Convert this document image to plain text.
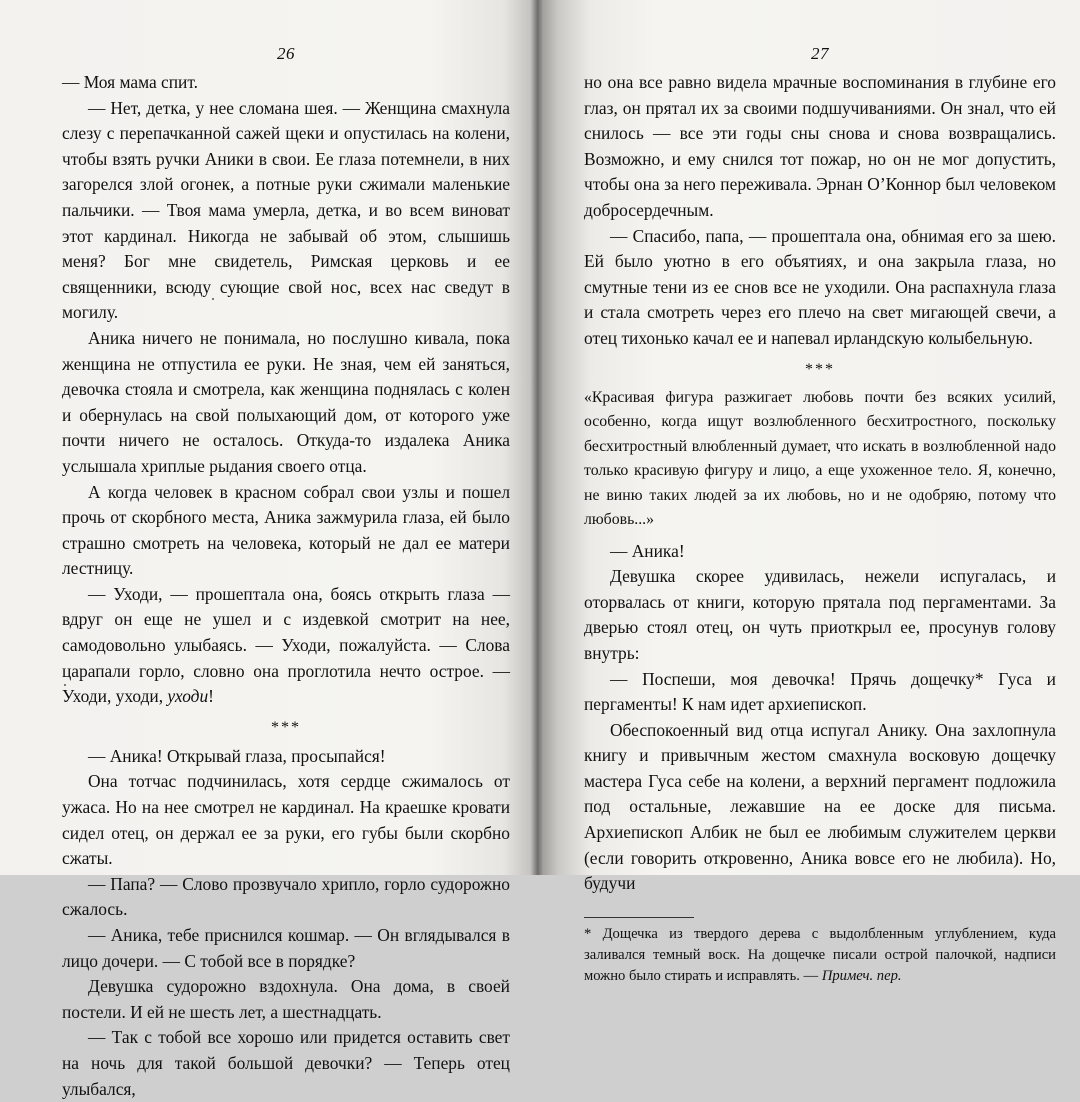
26

— Моя мама спит.

— Нет, детка, у нее сломана шея. — Женщина смахнула слезу с перепачканной сажей щеки и опустилась на колени, чтобы взять ручки Аники в свои. Ее глаза потемнели, в них загорелся злой огонек, а потные руки сжимали маленькие пальчики. — Твоя мама умерла, детка, и во всем виноват этот кардинал. Никогда не забывай об этом, слышишь меня? Бог мне свидетель, Римская церковь и ее священники, всюду сующие свой нос, всех нас сведут в могилу.

Аника ничего не понимала, но послушно кивала, пока женщина не отпустила ее руки. Не зная, чем ей заняться, девочка стояла и смотрела, как женщина поднялась с колен и обернулась на свой полыхающий дом, от которого уже почти ничего не осталось. Откуда-то издалека Аника услышала хриплые рыдания своего отца.

А когда человек в красном собрал свои узлы и пошел прочь от скорбного места, Аника зажмурила глаза, ей было страшно смотреть на человека, который не дал ее матери лестницу.

— Уходи, — прошептала она, боясь открыть глаза — вдруг он еще не ушел и с издевкой смотрит на нее, самодовольно улыбаясь. — Уходи, пожалуйста. — Слова царапали горло, словно она проглотила нечто острое. — Уходи, уходи, уходи!

***

— Аника! Открывай глаза, просыпайся!

Она тотчас подчинилась, хотя сердце сжималось от ужаса. Но на нее смотрел не кардинал. На краешке кровати сидел отец, он держал ее за руки, его губы были скорбно сжаты.

— Папа? — Слово прозвучало хрипло, горло судорожно сжалось.

— Аника, тебе приснился кошмар. — Он вглядывался в лицо дочери. — С тобой все в порядке?

Девушка судорожно вздохнула. Она дома, в своей постели. И ей не шесть лет, а шестнадцать.

— Так с тобой все хорошо или придется оставить свет на ночь для такой большой девочки? — Теперь отец улыбался,

27

но она все равно видела мрачные воспоминания в глубине его глаз, он прятал их за своими подшучиваниями. Он знал, что ей снилось — все эти годы сны снова и снова возвращались. Возможно, и ему снился тот пожар, но он не мог допустить, чтобы она за него переживала. Эрнан О’Коннор был человеком добросердечным.

— Спасибо, папа, — прошептала она, обнимая его за шею. Ей было уютно в его объятиях, и она закрыла глаза, но смутные тени из ее снов все не уходили. Она распахнула глаза и стала смотреть через его плечо на свет мигающей свечи, а отец тихонько качал ее и напевал ирландскую колыбельную.

***
«Красивая фигура разжигает любовь почти без всяких усилий, особенно, когда ищут возлюбленного бесхитростного, поскольку бесхитростный влюбленный думает, что искать в возлюбленной надо только красивую фигуру и лицо, а еще ухоженное тело. Я, конечно, не виню таких людей за их любовь, но и не одобряю, потому что любовь...»

— Аника!

Девушка скорее удивилась, нежели испугалась, и оторвалась от книги, которую прятала под пергаментами. За дверью стоял отец, он чуть приоткрыл ее, просунув голову внутрь:

— Поспеши, моя девочка! Прячь дощечку* Гуса и пергаменты! К нам идет архиепископ.

Обеспокоенный вид отца испугал Анику. Она захлопнула книгу и привычным жестом смахнула восковую дощечку мастера Гуса себе на колени, а верхний пергамент подложила под остальные, лежавшие на ее доске для письма. Архиепископ Албик не был ее любимым служителем церкви (если говорить откровенно, Аника вовсе его не любила). Но, будучи

* Дощечка из твердого дерева с выдолбленным углублением, куда заливался темный воск. На дощечке писали острой палочкой, надписи можно было стирать и исправлять. — Примеч. пер.
